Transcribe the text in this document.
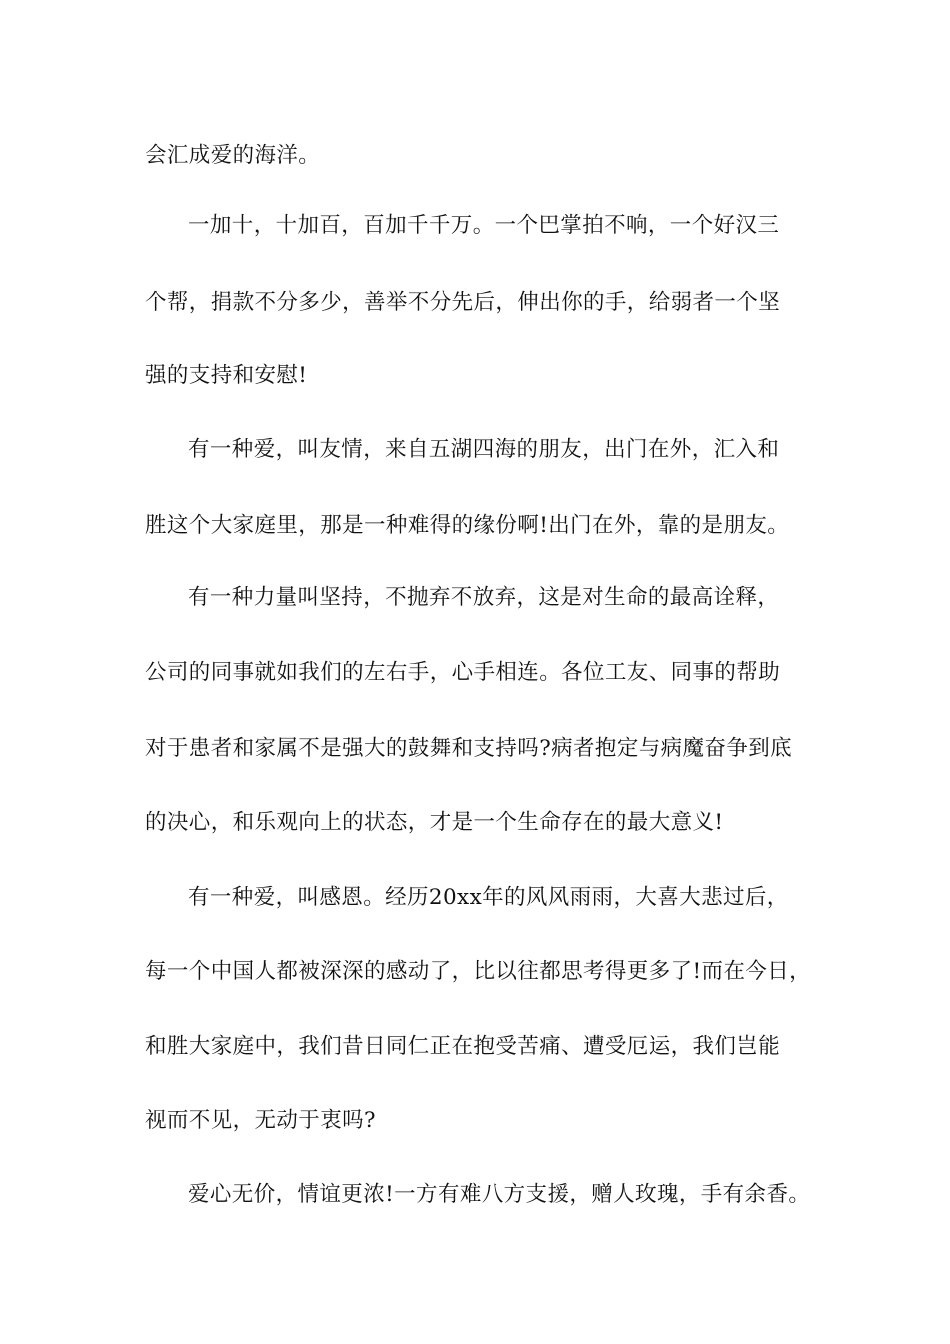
会汇成爱的海洋。
一加十，十加百，百加千千万。一个巴掌拍不响，一个好汉三
个帮，捐款不分多少，善举不分先后，伸出你的手，给弱者一个坚
强的支持和安慰!
有一种爱，叫友情，来自五湖四海的朋友，出门在外，汇入和
胜这个大家庭里，那是一种难得的缘份啊!出门在外，靠的是朋友。
有一种力量叫坚持，不抛弃不放弃，这是对生命的最高诠释，
公司的同事就如我们的左右手，心手相连。各位工友、同事的帮助
对于患者和家属不是强大的鼓舞和支持吗?病者抱定与病魔奋争到底
的决心，和乐观向上的状态，才是一个生命存在的最大意义!
有一种爱，叫感恩。经历20xx年的风风雨雨，大喜大悲过后，
每一个中国人都被深深的感动了，比以往都思考得更多了!而在今日，
和胜大家庭中，我们昔日同仁正在抱受苦痛、遭受厄运，我们岂能
视而不见，无动于衷吗?
爱心无价，情谊更浓!一方有难八方支援，赠人玫瑰，手有余香。
